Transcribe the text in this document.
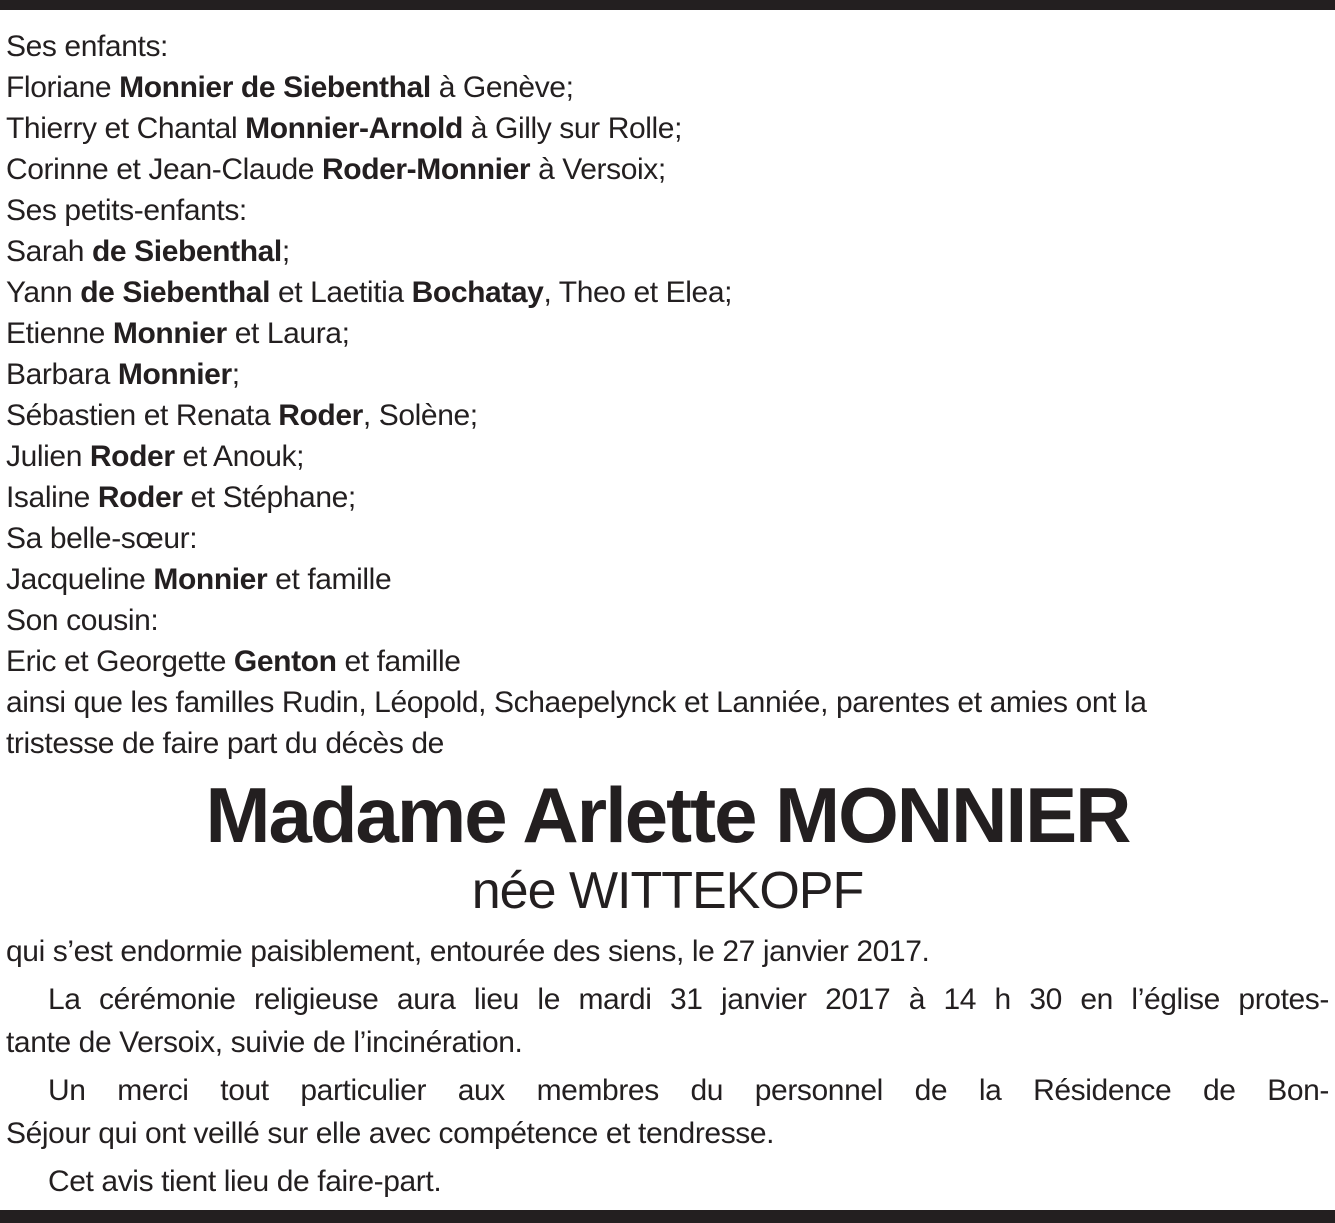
Ses enfants:
Floriane Monnier de Siebenthal à Genève;
Thierry et Chantal Monnier-Arnold à Gilly sur Rolle;
Corinne et Jean-Claude Roder-Monnier à Versoix;
Ses petits-enfants:
Sarah de Siebenthal;
Yann de Siebenthal et Laetitia Bochatay, Theo et Elea;
Etienne Monnier et Laura;
Barbara Monnier;
Sébastien et Renata Roder, Solène;
Julien Roder et Anouk;
Isaline Roder et Stéphane;
Sa belle-sœur:
Jacqueline Monnier et famille
Son cousin:
Eric et Georgette Genton et famille
ainsi que les familles Rudin, Léopold, Schaepelynck et Lanniée, parentes et amies ont la
tristesse de faire part du décès de
Madame Arlette MONNIER
née WITTEKOPF
qui s’est endormie paisiblement, entourée des siens, le 27 janvier 2017.
La cérémonie religieuse aura lieu le mardi 31 janvier 2017 à 14 h 30 en l’église protes-
tante de Versoix, suivie de l’incinération.
Un merci tout particulier aux membres du personnel de la Résidence de Bon-
Séjour qui ont veillé sur elle avec compétence et tendresse.
Cet avis tient lieu de faire-part.
